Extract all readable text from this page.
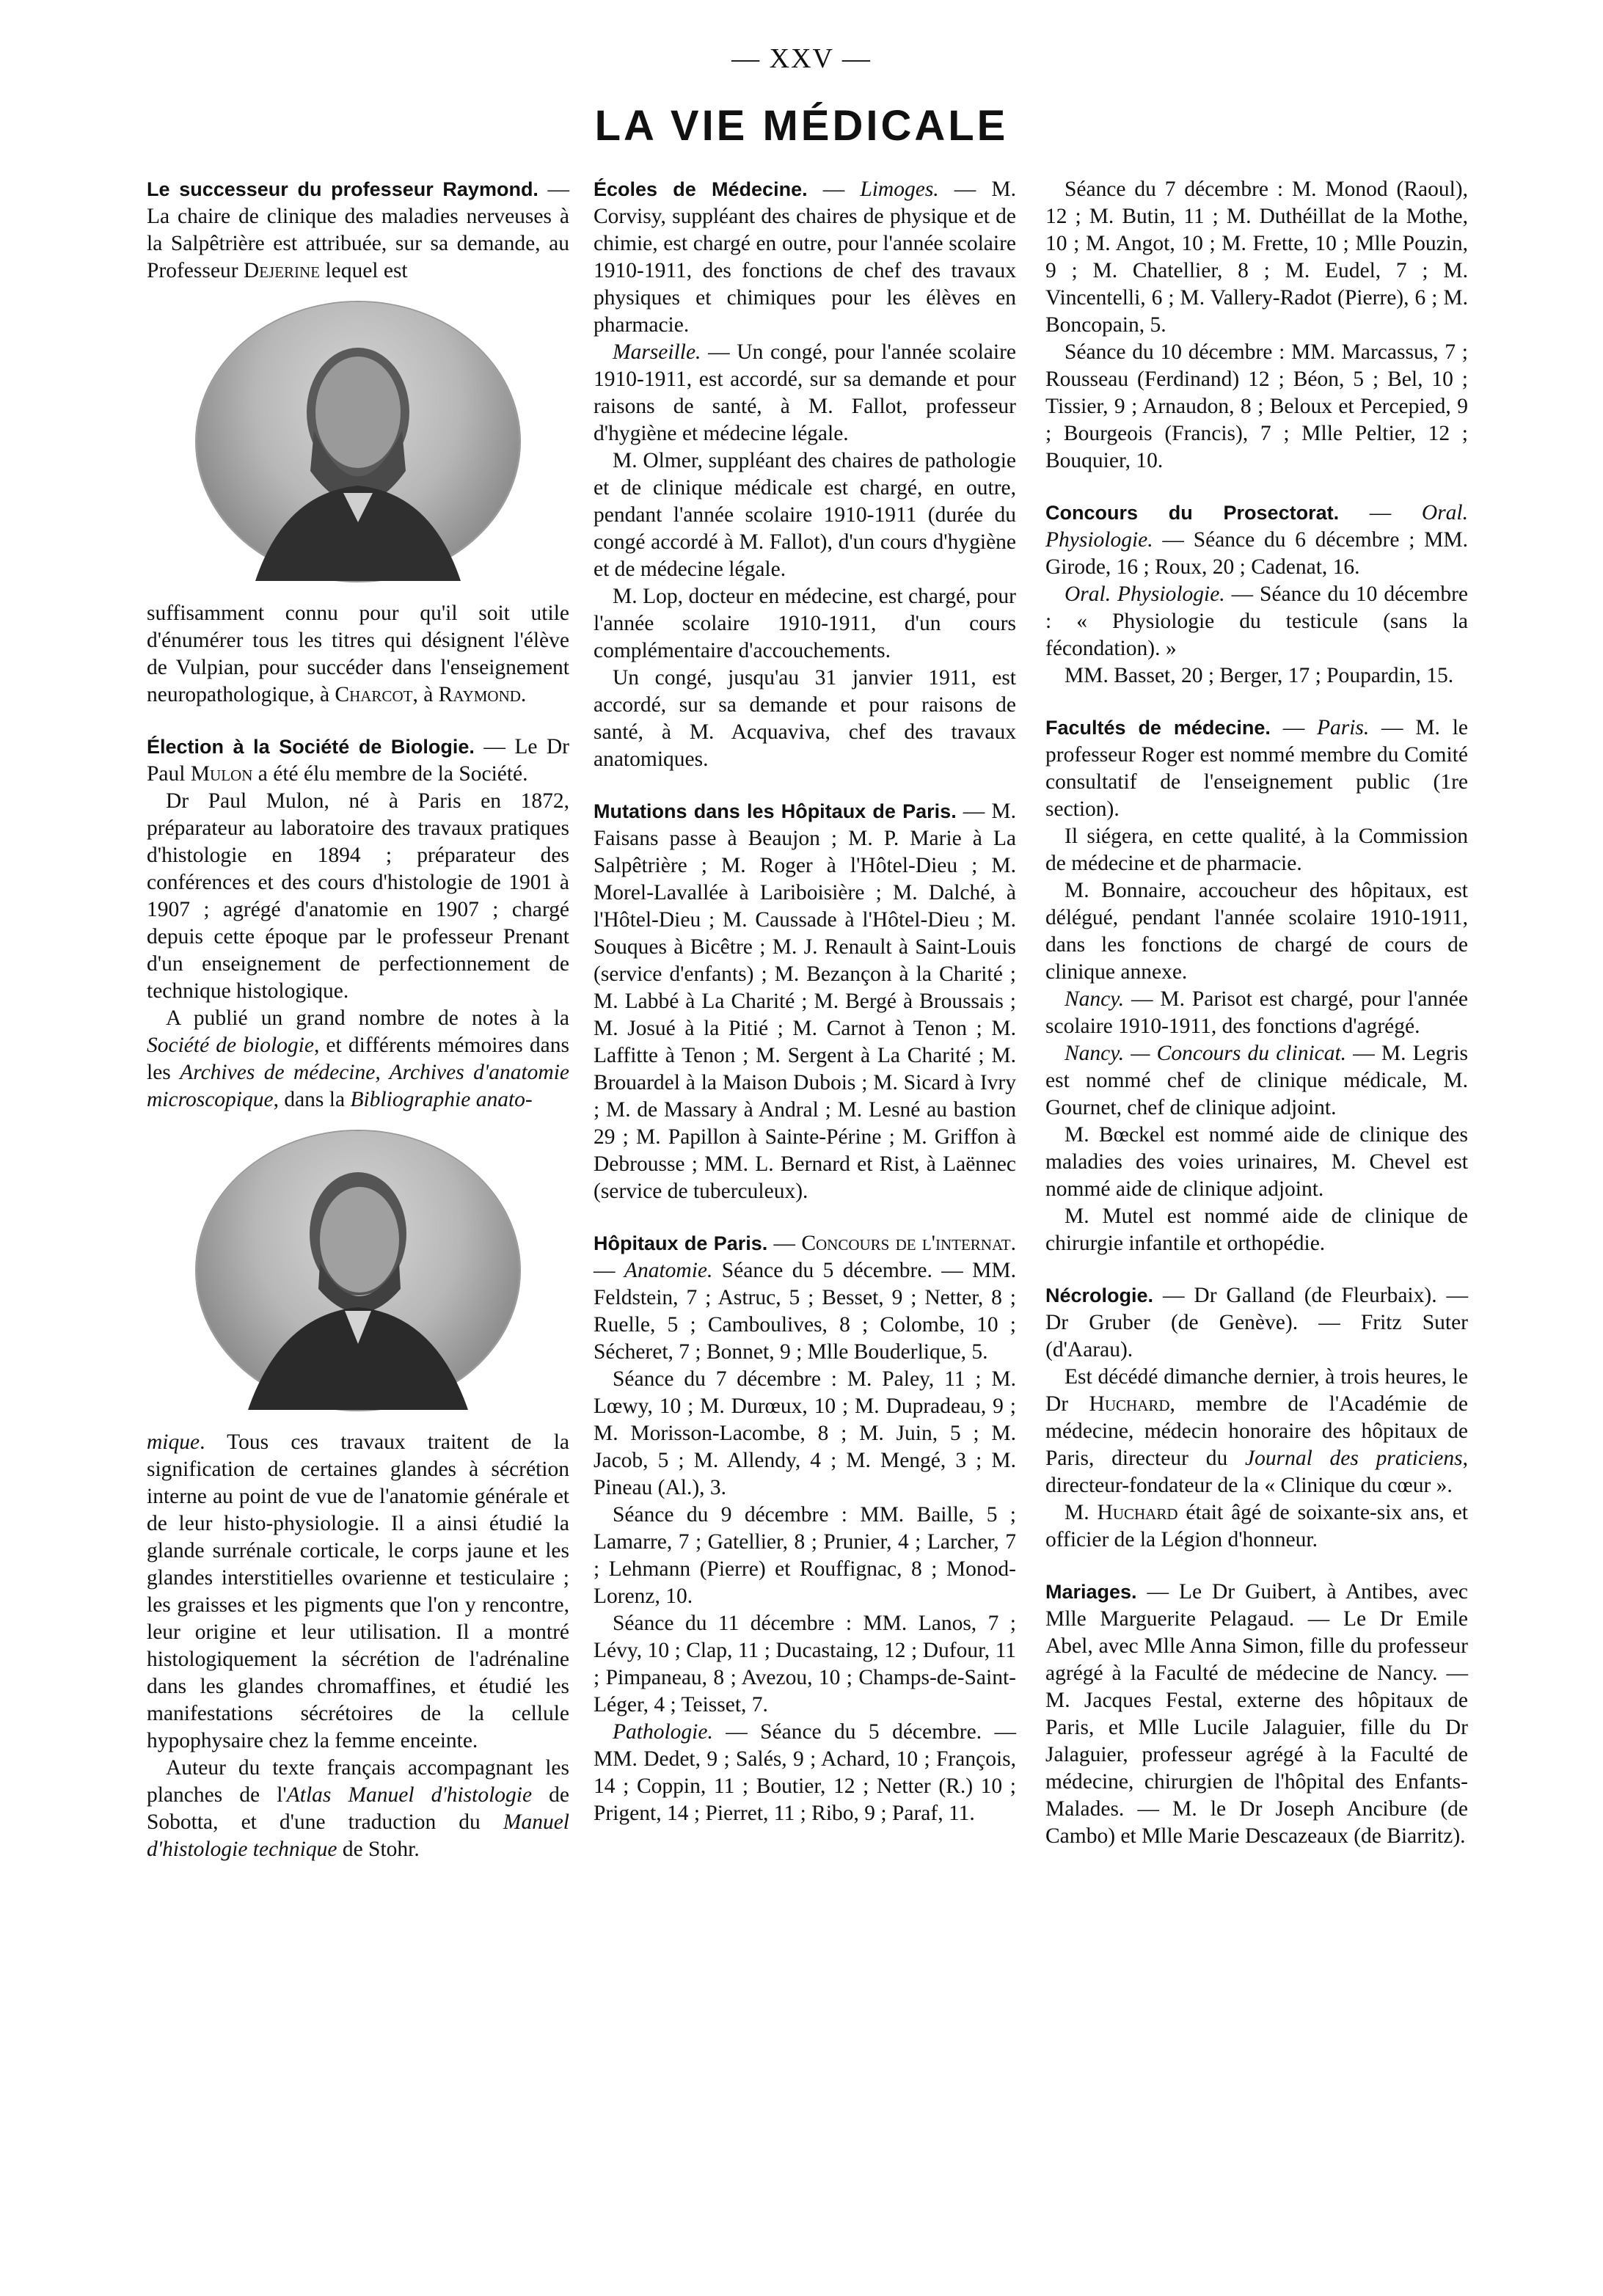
— XXV —
LA VIE MÉDICALE

Le successeur du professeur Raymond. — La chaire de clinique des maladies nerveuses à la Salpêtrière est attribuée, sur sa demande, au Professeur Dejerine lequel est

suffisamment connu pour qu'il soit utile d'énumérer tous les titres qui désignent l'élève de Vulpian, pour succéder dans l'enseignement neuropathologique, à Charcot, à Raymond.

Élection à la Société de Biologie. — Le Dr Paul Mulon a été élu membre de la Société.

Dr Paul Mulon, né à Paris en 1872, préparateur au laboratoire des travaux pratiques d'histologie en 1894 ; préparateur des conférences et des cours d'histologie de 1901 à 1907 ; agrégé d'anatomie en 1907 ; chargé depuis cette époque par le professeur Prenant d'un enseignement de perfectionnement de technique histologique.

A publié un grand nombre de notes à la Société de biologie, et différents mémoires dans les Archives de médecine, Archives d'anatomie microscopique, dans la Bibliographie anato-

mique. Tous ces travaux traitent de la signification de certaines glandes à sécrétion interne au point de vue de l'anatomie générale et de leur histo-physiologie. Il a ainsi étudié la glande surrénale corticale, le corps jaune et les glandes interstitielles ovarienne et testiculaire ; les graisses et les pigments que l'on y rencontre, leur origine et leur utilisation. Il a montré histologiquement la sécrétion de l'adrénaline dans les glandes chromaffines, et étudié les manifestations sécrétoires de la cellule hypophysaire chez la femme enceinte.

Auteur du texte français accompagnant les planches de l'Atlas Manuel d'histologie de Sobotta, et d'une traduction du Manuel d'histologie technique de Stohr.

Écoles de Médecine. — Limoges. — M. Corvisy, suppléant des chaires de physique et de chimie, est chargé en outre, pour l'année scolaire 1910-1911, des fonctions de chef des travaux physiques et chimiques pour les élèves en pharmacie.

Marseille. — Un congé, pour l'année scolaire 1910-1911, est accordé, sur sa demande et pour raisons de santé, à M. Fallot, professeur d'hygiène et médecine légale.

M. Olmer, suppléant des chaires de pathologie et de clinique médicale est chargé, en outre, pendant l'année scolaire 1910-1911 (durée du congé accordé à M. Fallot), d'un cours d'hygiène et de médecine légale.

M. Lop, docteur en médecine, est chargé, pour l'année scolaire 1910-1911, d'un cours complémentaire d'accouchements.

Un congé, jusqu'au 31 janvier 1911, est accordé, sur sa demande et pour raisons de santé, à M. Acquaviva, chef des travaux anatomiques.

Mutations dans les Hôpitaux de Paris. — M. Faisans passe à Beaujon ; M. P. Marie à La Salpêtrière ; M. Roger à l'Hôtel-Dieu ; M. Morel-Lavallée à Lariboisière ; M. Dalché, à l'Hôtel-Dieu ; M. Caussade à l'Hôtel-Dieu ; M. Souques à Bicêtre ; M. J. Renault à Saint-Louis (service d'enfants) ; M. Bezançon à la Charité ; M. Labbé à La Charité ; M. Bergé à Broussais ; M. Josué à la Pitié ; M. Carnot à Tenon ; M. Laffitte à Tenon ; M. Sergent à La Charité ; M. Brouardel à la Maison Dubois ; M. Sicard à Ivry ; M. de Massary à Andral ; M. Lesné au bastion 29 ; M. Papillon à Sainte-Périne ; M. Griffon à Debrousse ; MM. L. Bernard et Rist, à Laënnec (service de tuberculeux).

Hôpitaux de Paris. — Concours de l'internat. — Anatomie. Séance du 5 décembre. — MM. Feldstein, 7 ; Astruc, 5 ; Besset, 9 ; Netter, 8 ; Ruelle, 5 ; Camboulives, 8 ; Colombe, 10 ; Sécheret, 7 ; Bonnet, 9 ; Mlle Bouderlique, 5.

Séance du 7 décembre : M. Paley, 11 ; M. Lœwy, 10 ; M. Durœux, 10 ; M. Dupradeau, 9 ; M. Morisson-Lacombe, 8 ; M. Juin, 5 ; M. Jacob, 5 ; M. Allendy, 4 ; M. Mengé, 3 ; M. Pineau (Al.), 3.

Séance du 9 décembre : MM. Baille, 5 ; Lamarre, 7 ; Gatellier, 8 ; Prunier, 4 ; Larcher, 7 ; Lehmann (Pierre) et Rouffignac, 8 ; Monod-Lorenz, 10.

Séance du 11 décembre : MM. Lanos, 7 ; Lévy, 10 ; Clap, 11 ; Ducastaing, 12 ; Dufour, 11 ; Pimpaneau, 8 ; Avezou, 10 ; Champs-de-Saint-Léger, 4 ; Teisset, 7.

Pathologie. — Séance du 5 décembre. — MM. Dedet, 9 ; Salés, 9 ; Achard, 10 ; François, 14 ; Coppin, 11 ; Boutier, 12 ; Netter (R.) 10 ; Prigent, 14 ; Pierret, 11 ; Ribo, 9 ; Paraf, 11.

Séance du 7 décembre : M. Monod (Raoul), 12 ; M. Butin, 11 ; M. Duthéillat de la Mothe, 10 ; M. Angot, 10 ; M. Frette, 10 ; Mlle Pouzin, 9 ; M. Chatellier, 8 ; M. Eudel, 7 ; M. Vincentelli, 6 ; M. Vallery-Radot (Pierre), 6 ; M. Boncopain, 5.

Séance du 10 décembre : MM. Marcassus, 7 ; Rousseau (Ferdinand) 12 ; Béon, 5 ; Bel, 10 ; Tissier, 9 ; Arnaudon, 8 ; Beloux et Percepied, 9 ; Bourgeois (Francis), 7 ; Mlle Peltier, 12 ; Bouquier, 10.

Concours du Prosectorat. — Oral. Physiologie. — Séance du 6 décembre ; MM. Girode, 16 ; Roux, 20 ; Cadenat, 16.

Oral. Physiologie. — Séance du 10 décembre : « Physiologie du testicule (sans la fécondation). »

MM. Basset, 20 ; Berger, 17 ; Poupardin, 15.

Facultés de médecine. — Paris. — M. le professeur Roger est nommé membre du Comité consultatif de l'enseignement public (1re section).

Il siégera, en cette qualité, à la Commission de médecine et de pharmacie.

M. Bonnaire, accoucheur des hôpitaux, est délégué, pendant l'année scolaire 1910-1911, dans les fonctions de chargé de cours de clinique annexe.

Nancy. — M. Parisot est chargé, pour l'année scolaire 1910-1911, des fonctions d'agrégé.

Nancy. — Concours du clinicat. — M. Legris est nommé chef de clinique médicale, M. Gournet, chef de clinique adjoint.

M. Bœckel est nommé aide de clinique des maladies des voies urinaires, M. Chevel est nommé aide de clinique adjoint.

M. Mutel est nommé aide de clinique de chirurgie infantile et orthopédie.

Nécrologie. — Dr Galland (de Fleurbaix). — Dr Gruber (de Genève). — Fritz Suter (d'Aarau).

Est décédé dimanche dernier, à trois heures, le Dr Huchard, membre de l'Académie de médecine, médecin honoraire des hôpitaux de Paris, directeur du Journal des praticiens, directeur-fondateur de la « Clinique du cœur ».

M. Huchard était âgé de soixante-six ans, et officier de la Légion d'honneur.

Mariages. — Le Dr Guibert, à Antibes, avec Mlle Marguerite Pelagaud. — Le Dr Emile Abel, avec Mlle Anna Simon, fille du professeur agrégé à la Faculté de médecine de Nancy. — M. Jacques Festal, externe des hôpitaux de Paris, et Mlle Lucile Jalaguier, fille du Dr Jalaguier, professeur agrégé à la Faculté de médecine, chirurgien de l'hôpital des Enfants-Malades. — M. le Dr Joseph Ancibure (de Cambo) et Mlle Marie Descazeaux (de Biarritz).
